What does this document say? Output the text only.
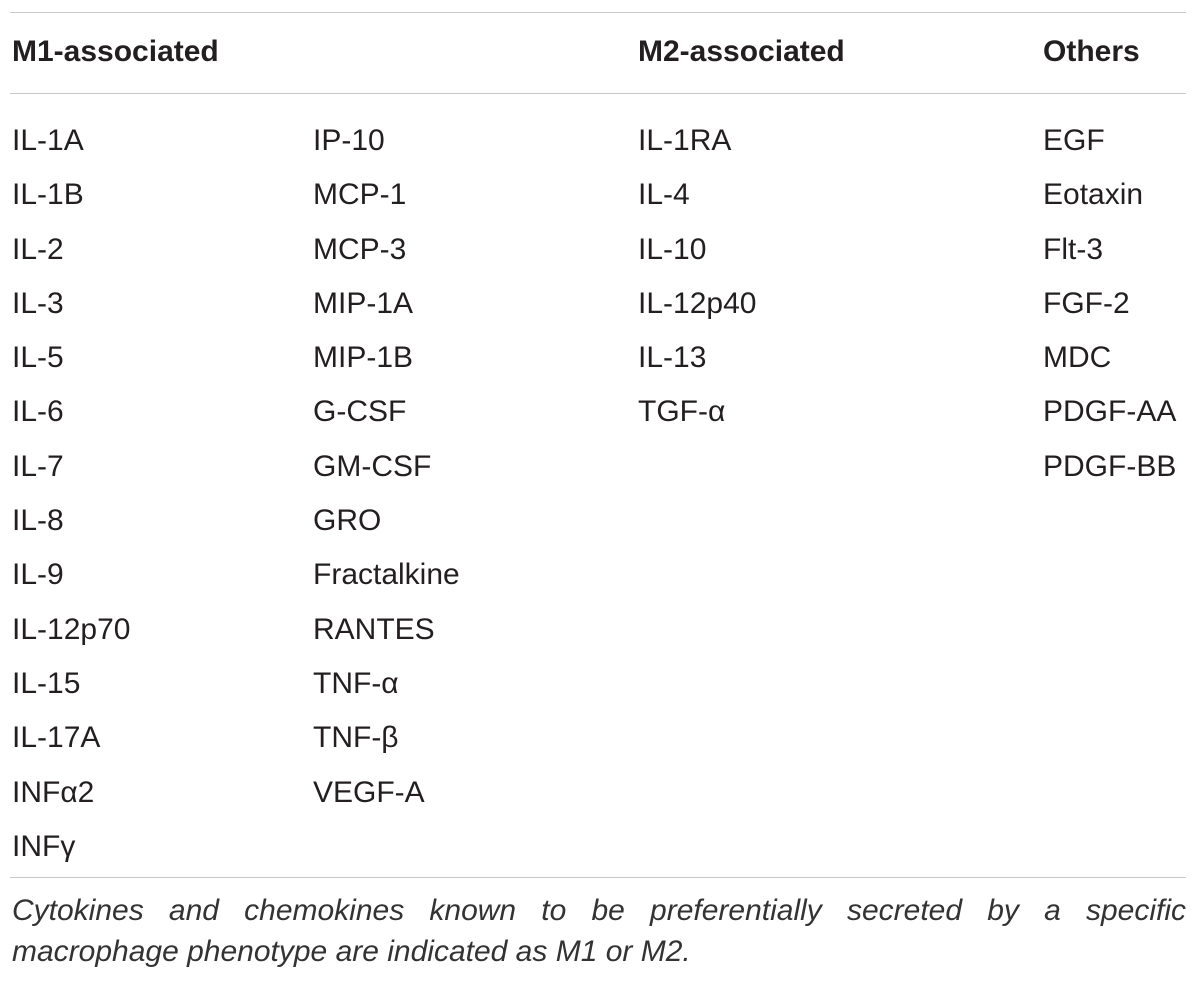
M1-associated	M2-associated	Others
IL-1A
IL-1B
IL-2
IL-3
IL-5
IL-6
IL-7
IL-8
IL-9
IL-12p70
IL-15
IL-17A
INFα2
INFγ
IP-10
MCP-1
MCP-3
MIP-1A
MIP-1B
G-CSF
GM-CSF
GRO
Fractalkine
RANTES
TNF-α
TNF-β
VEGF-A
IL-1RA
IL-4
IL-10
IL-12p40
IL-13
TGF-α
EGF
Eotaxin
Flt-3
FGF-2
MDC
PDGF-AA
PDGF-BB

Cytokines and chemokines known to be preferentially secreted by a specific macrophage phenotype are indicated as M1 or M2.
